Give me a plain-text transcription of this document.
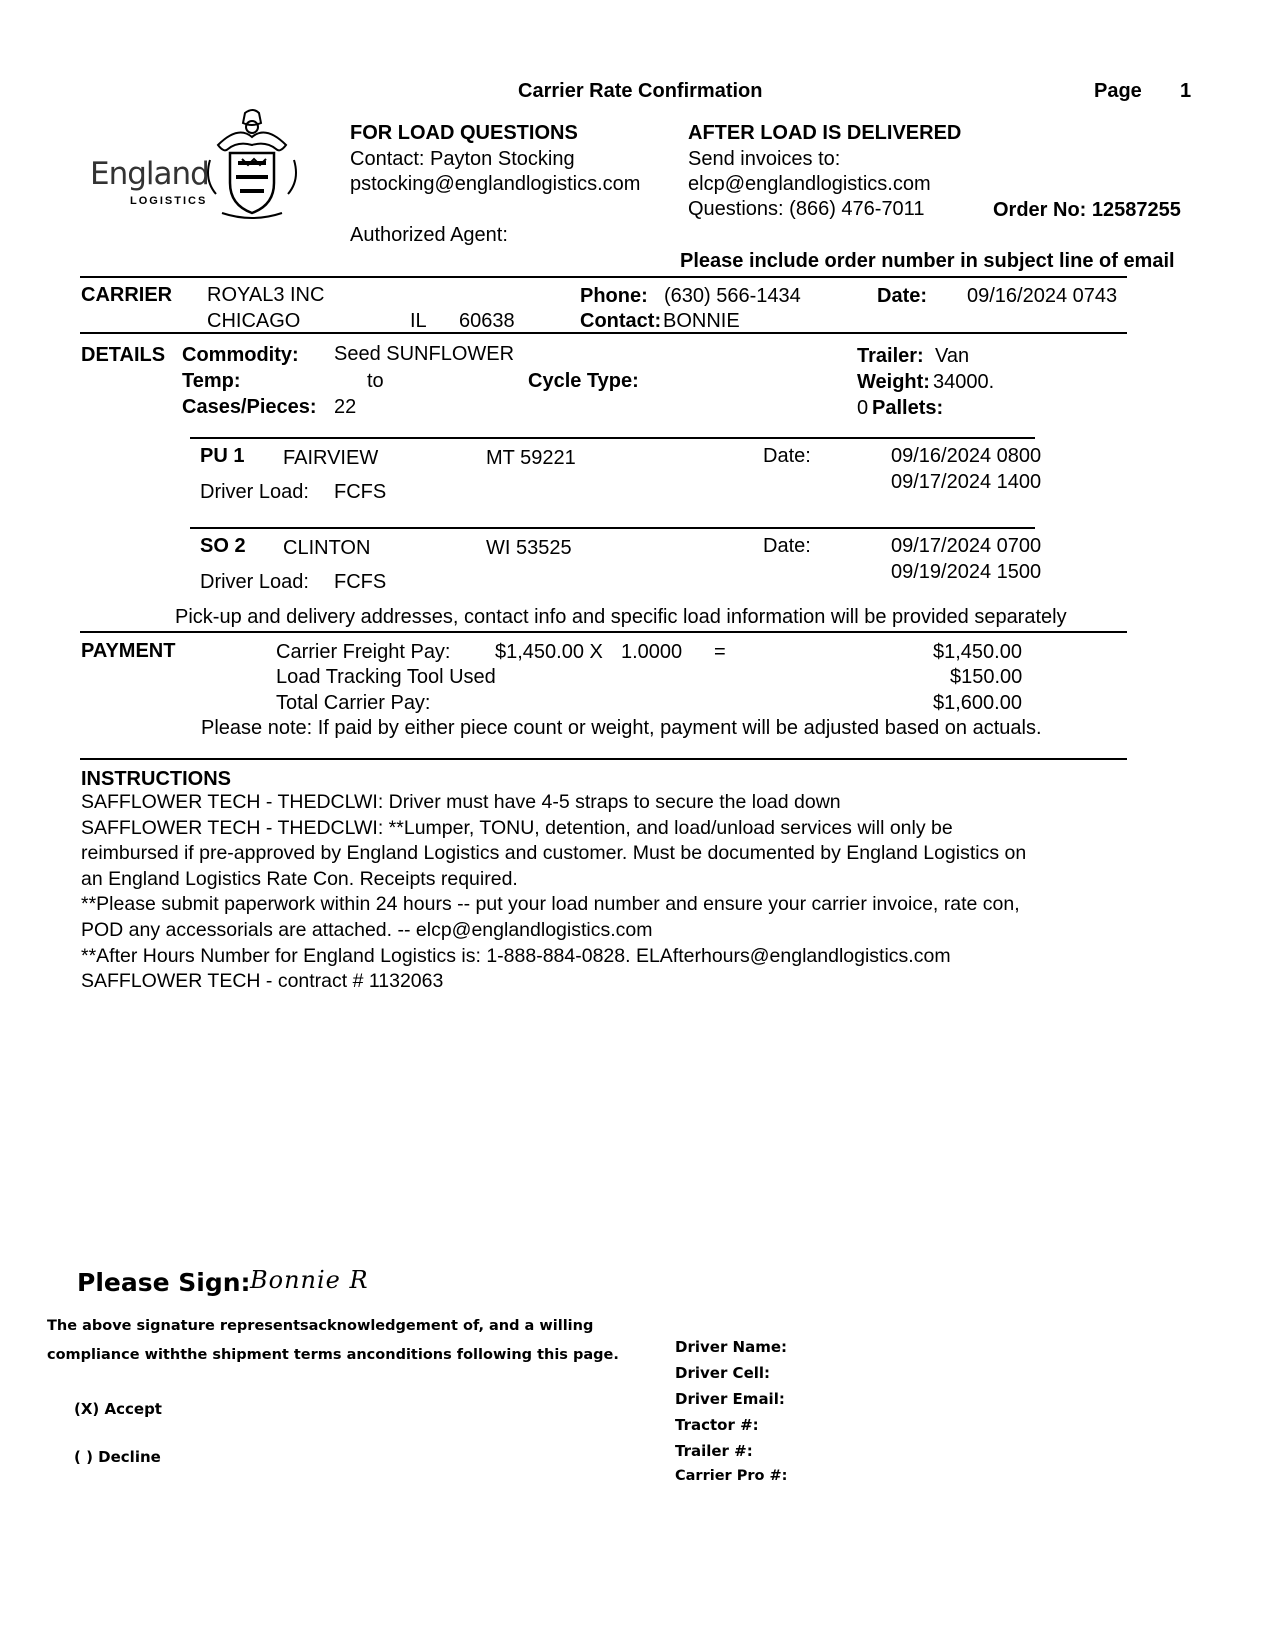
Carrier Rate Confirmation	Page 1
England
LOGISTICS
FOR LOAD QUESTIONS
Contact: Payton Stocking
pstocking@englandlogistics.com
Authorized Agent:
AFTER LOAD IS DELIVERED
Send invoices to:
elcp@englandlogistics.com
Questions: (866) 476-7011	Order No: 12587255
Please include order number in subject line of email
CARRIER ROYAL3 INC
CHICAGO	IL 60638
Phone: (630) 566-1434
Contact: BONNIE
Date: 09/16/2024 0743
DETAILS Commodity: Seed SUNFLOWER
Temp:	to	Cycle Type:
Cases/Pieces: 22
Trailer: Van
Weight: 34000.
0 Pallets:
PU 1 FAIRVIEW	MT 59221	Date:	09/16/2024 0800
09/17/2024 1400
Driver Load: FCFS
SO 2 CLINTON	WI 53525	Date:	09/17/2024 0700
09/19/2024 1500
Driver Load: FCFS
Pick-up and delivery addresses, contact info and specific load information will be provided separately
PAYMENT	Carrier Freight Pay: $1,450.00 X 1.0000 =	$1,450.00
Load Tracking Tool Used	$150.00
Total Carrier Pay:	$1,600.00
Please note: If paid by either piece count or weight, payment will be adjusted based on actuals.
INSTRUCTIONS
SAFFLOWER TECH - THEDCLWI: Driver must have 4-5 straps to secure the load down
SAFFLOWER TECH - THEDCLWI: **Lumper, TONU, detention, and load/unload services will only be
reimbursed if pre-approved by England Logistics and customer. Must be documented by England Logistics on
an England Logistics Rate Con. Receipts required.
**Please submit paperwork within 24 hours -- put your load number and ensure your carrier invoice, rate con,
POD any accessorials are attached. -- elcp@englandlogistics.com
**After Hours Number for England Logistics is: 1-888-884-0828. ELAfterhours@englandlogistics.com
SAFFLOWER TECH - contract # 1132063
Please Sign: Bonnie R
The above signature representsacknowledgement of, and a willing
compliance withthe shipment terms anconditions following this page.
(X) Accept
( ) Decline
Driver Name:
Driver Cell:
Driver Email:
Tractor #:
Trailer #:
Carrier Pro #:
